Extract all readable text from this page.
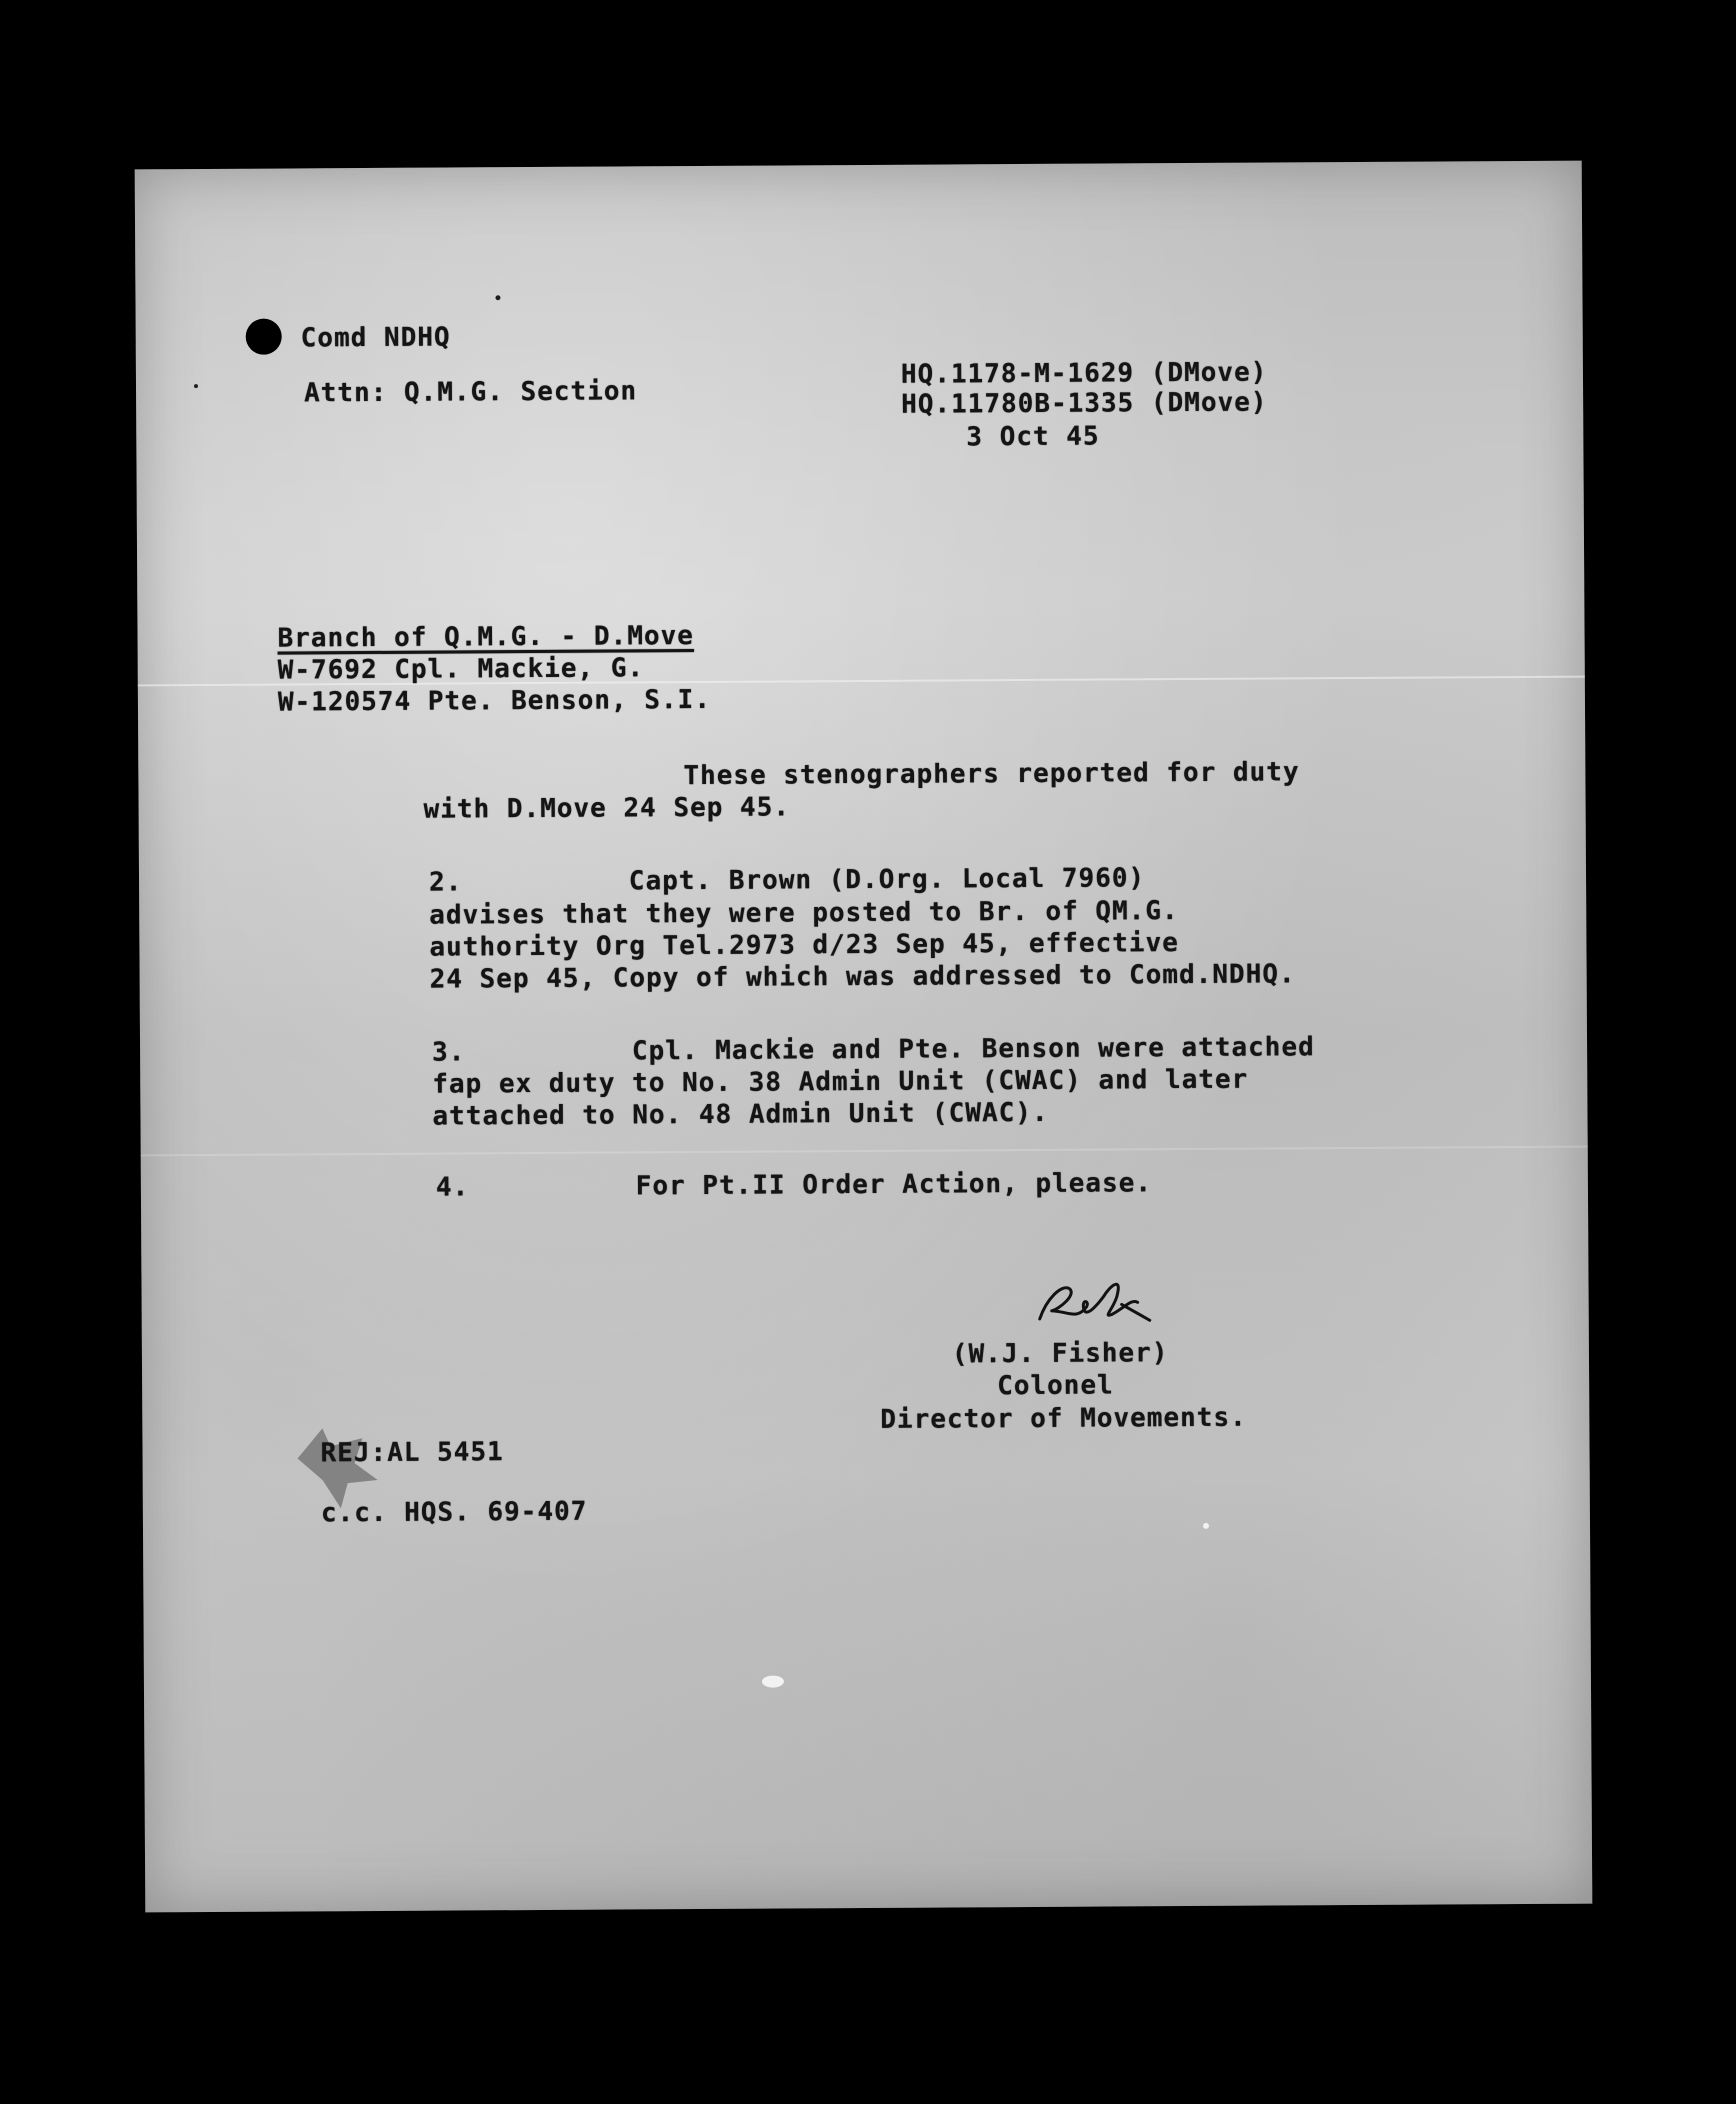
Comd NDHQ

Attn: Q.M.G. Section

HQ.1178-M-1629 (DMove)

HQ.11780B-1335 (DMove)

3 Oct 45

Branch of Q.M.G. - D.Move

W-7692 Cpl. Mackie, G.

W-120574 Pte. Benson, S.I.

These stenographers reported for duty

with D.Move 24 Sep 45.

2.          Capt. Brown (D.Org. Local 7960)

advises that they were posted to Br. of QM.G.

authority Org Tel.2973 d/23 Sep 45, effective

24 Sep 45, Copy of which was addressed to Comd.NDHQ.

3.          Cpl. Mackie and Pte. Benson were attached

fap ex duty to No. 38 Admin Unit (CWAC) and later

attached to No. 48 Admin Unit (CWAC).

4.          For Pt.II Order Action, please.

(W.J. Fisher)

Colonel

Director of Movements.

REJ:AL 5451

c.c. HQS. 69-407
